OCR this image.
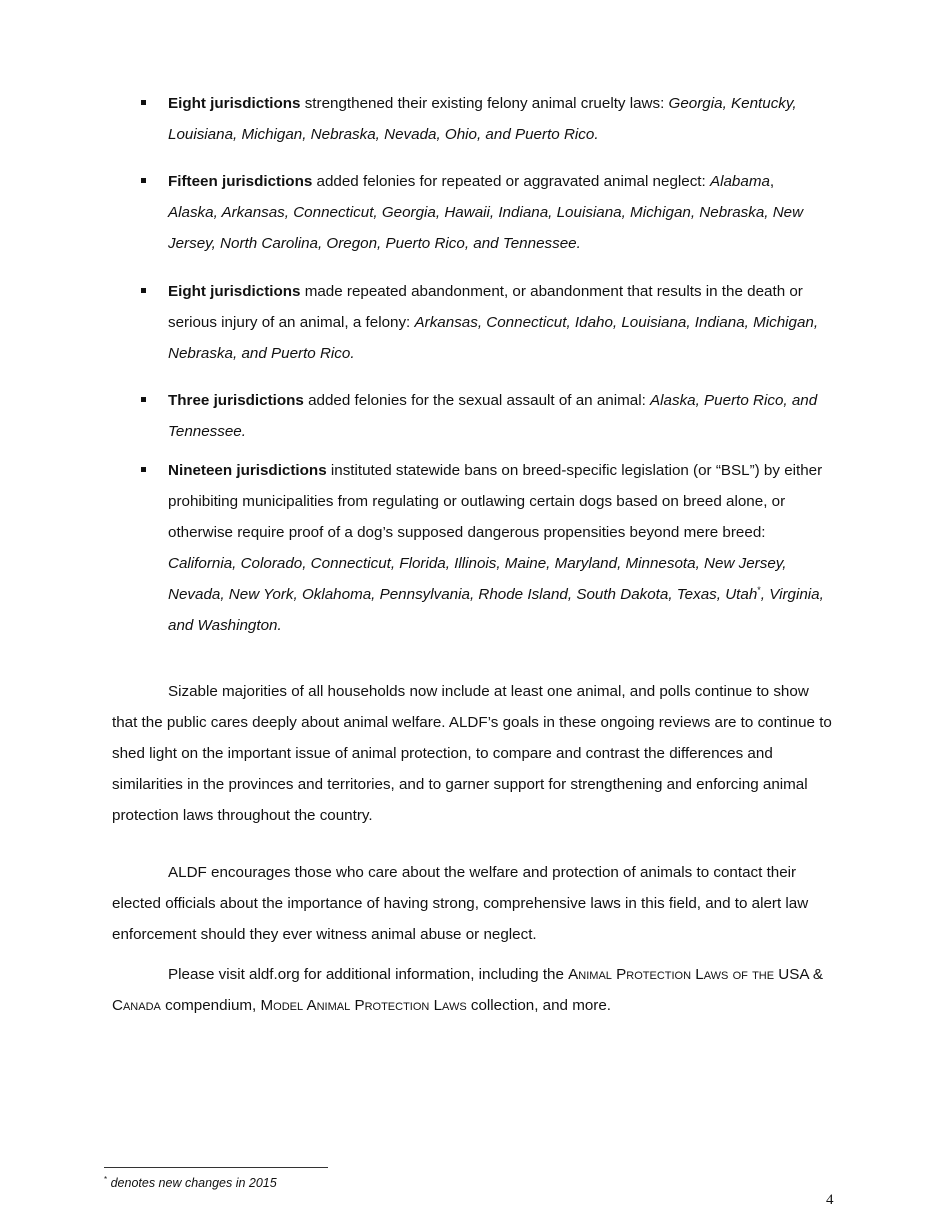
Eight jurisdictions strengthened their existing felony animal cruelty laws: Georgia, Kentucky, Louisiana, Michigan, Nebraska, Nevada, Ohio, and Puerto Rico.
Fifteen jurisdictions added felonies for repeated or aggravated animal neglect: Alabama, Alaska, Arkansas, Connecticut, Georgia, Hawaii, Indiana, Louisiana, Michigan, Nebraska, New Jersey, North Carolina, Oregon, Puerto Rico, and Tennessee.
Eight jurisdictions made repeated abandonment, or abandonment that results in the death or serious injury of an animal, a felony: Arkansas, Connecticut, Idaho, Louisiana, Indiana, Michigan, Nebraska, and Puerto Rico.
Three jurisdictions added felonies for the sexual assault of an animal: Alaska, Puerto Rico, and Tennessee.
Nineteen jurisdictions instituted statewide bans on breed-specific legislation (or “BSL”) by either prohibiting municipalities from regulating or outlawing certain dogs based on breed alone, or otherwise require proof of a dog’s supposed dangerous propensities beyond mere breed: California, Colorado, Connecticut, Florida, Illinois, Maine, Maryland, Minnesota, New Jersey, Nevada, New York, Oklahoma, Pennsylvania, Rhode Island, South Dakota, Texas, Utah*, Virginia, and Washington.
Sizable majorities of all households now include at least one animal, and polls continue to show that the public cares deeply about animal welfare. ALDF’s goals in these ongoing reviews are to continue to shed light on the important issue of animal protection, to compare and contrast the differences and similarities in the provinces and territories, and to garner support for strengthening and enforcing animal protection laws throughout the country.
ALDF encourages those who care about the welfare and protection of animals to contact their elected officials about the importance of having strong, comprehensive laws in this field, and to alert law enforcement should they ever witness animal abuse or neglect.
Please visit aldf.org for additional information, including the Animal Protection Laws of the USA & Canada compendium, Model Animal Protection Laws collection, and more.
* denotes new changes in 2015
4
